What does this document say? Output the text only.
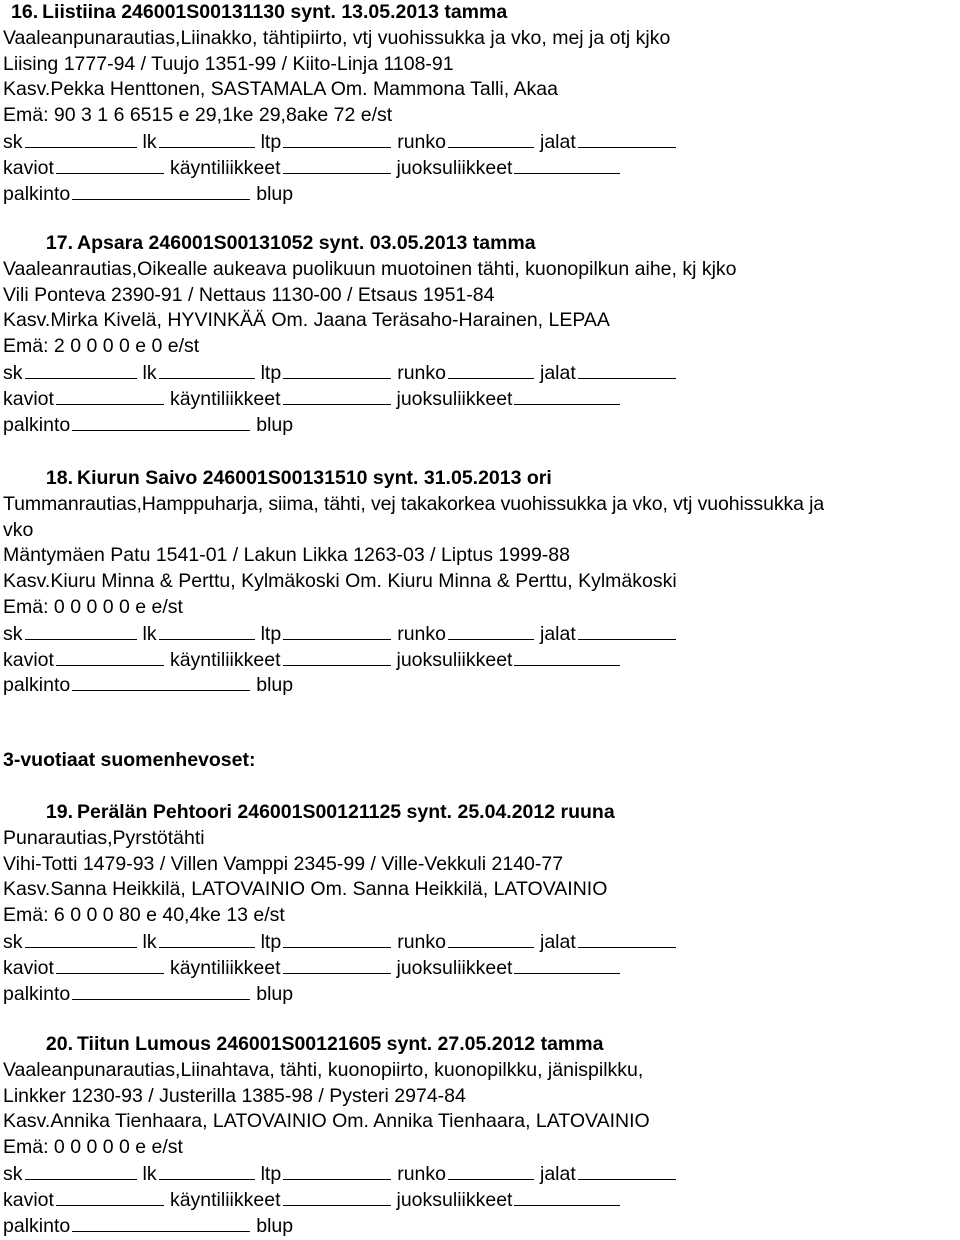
16. Liistiina 246001S00131130 synt. 13.05.2013 tamma
Vaaleanpunarautias,Liinakko, tähtipiirto, vtj vuohissukka ja vko, mej ja otj kjko
Liising 1777-94 / Tuujo 1351-99 / Kiito-Linja 1108-91
Kasv.Pekka Henttonen, SASTAMALA Om. Mammona Talli, Akaa
Emä: 90 3 1 6 6515 e 29,1ke 29,8ake 72 e/st
sk	lk	ltp	runko	jalat
kaviot	käyntiliikkeet	juoksuliikkeet
palkinto	blup
17. Apsara 246001S00131052 synt. 03.05.2013 tamma
Vaaleanrautias,Oikealle aukeava puolikuun muotoinen tähti, kuonopilkun aihe, kj kjko
Vili Ponteva 2390-91 / Nettaus 1130-00 / Etsaus 1951-84
Kasv.Mirka Kivelä, HYVINKÄÄ Om. Jaana Teräsaho-Harainen, LEPAA
Emä: 2 0 0 0 0 e 0 e/st
sk	lk	ltp	runko	jalat
kaviot	käyntiliikkeet	juoksuliikkeet
palkinto	blup
18. Kiurun Saivo 246001S00131510 synt. 31.05.2013 ori
Tummanrautias,Hamppuharja, siima, tähti, vej takakorkea vuohissukka ja vko, vtj vuohissukka ja
vko
Mäntymäen Patu 1541-01 / Lakun Likka 1263-03 / Liptus 1999-88
Kasv.Kiuru Minna & Perttu, Kylmäkoski Om. Kiuru Minna & Perttu, Kylmäkoski
Emä: 0 0 0 0 0 e e/st
sk	lk	ltp	runko	jalat
kaviot	käyntiliikkeet	juoksuliikkeet
palkinto	blup
3-vuotiaat suomenhevoset:
19. Perälän Pehtoori 246001S00121125 synt. 25.04.2012 ruuna
Punarautias,Pyrstötähti
Vihi-Totti 1479-93 / Villen Vamppi 2345-99 / Ville-Vekkuli 2140-77
Kasv.Sanna Heikkilä, LATOVAINIO Om. Sanna Heikkilä, LATOVAINIO
Emä: 6 0 0 0 80 e 40,4ke 13 e/st
sk	lk	ltp	runko	jalat
kaviot	käyntiliikkeet	juoksuliikkeet
palkinto	blup
20. Tiitun Lumous 246001S00121605 synt. 27.05.2012 tamma
Vaaleanpunarautias,Liinahtava, tähti, kuonopiirto, kuonopilkku, jänispilkku,
Linkker 1230-93 / Justerilla 1385-98 / Pysteri 2974-84
Kasv.Annika Tienhaara, LATOVAINIO Om. Annika Tienhaara, LATOVAINIO
Emä: 0 0 0 0 0 e e/st
sk	lk	ltp	runko	jalat
kaviot	käyntiliikkeet	juoksuliikkeet
palkinto	blup
